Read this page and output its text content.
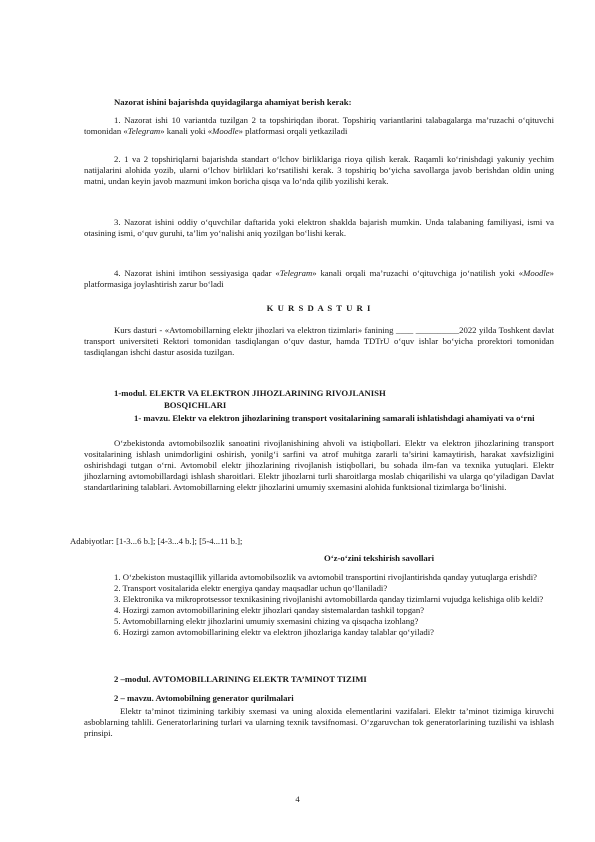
Nazorat ishini bajarishda quyidagilarga ahamiyat berish kerak:

1. Nazorat ishi 10 variantda tuzilgan 2 ta topshiriqdan iborat. Topshiriq variantlarini talabagalarga ma’ruzachi o‘qituvchi tomonidan «Telegram» kanali yoki «Moodle» platformasi orqali yetkaziladi

2. 1 va 2 topshiriqlarni bajarishda standart o‘lchov birliklariga rioya qilish kerak. Raqamli ko‘rinishdagi yakuniy yechim natijalarini alohida yozib, ularni o‘lchov birliklari ko‘rsatilishi kerak. 3 topshiriq bo‘yicha savollarga javob berishdan oldin uning matni, undan keyin javob mazmuni imkon boricha qisqa va lo‘nda qilib yozilishi kerak.

3. Nazorat ishini oddiy o‘quvchilar daftarida yoki elektron shaklda bajarish mumkin. Unda talabaning familiyasi, ismi va otasining ismi, o‘quv guruhi, ta’lim yo‘nalishi aniq yozilgan bo‘lishi kerak.

4. Nazorat ishini imtihon sessiyasiga qadar «Telegram» kanali orqali ma’ruzachi o‘qituvchiga jo‘natilish yoki «Moodle» platformasiga joylashtirish zarur bo‘ladi

K U R S D A S T U R I

Kurs dasturi - «Avtomobillarning elektr jihozlari va elektron tizimlari» fanining ____ __________2022 yilda Toshkent davlat transport universiteti Rektori tomonidan tasdiqlangan o‘quv dastur, hamda TDTrU o‘quv ishlar bo‘yicha prorektori tomonidan tasdiqlangan ishchi dastur asosida tuzilgan.

1-modul. ELEKTR VA ELEKTRON JIHOZLARINING RIVOJLANISH
BOSQICHLARI

1- mavzu. Elektr va elektron jihozlarining transport vositalarining samarali ishlatishdagi ahamiyati va o‘rni

O‘zbekistonda avtomobilsozlik sanoatini rivojlanishining ahvoli va istiqbollari. Elektr va elektron jihozlarining transport vositalarining ishlash unimdorligini oshirish, yonilg‘i sarfini va atrof muhitga zararli ta’sirini kamaytirish, harakat xavfsizligini oshirishdagi tutgan o‘rni. Avtomobil elektr jihozlarining rivojlanish istiqbollari, bu sohada ilm-fan va texnika yutuqlari. Elektr jihozlarning avtomobillardagi ishlash sharoitlari. Elektr jihozlarni turli sharoitlarga moslab chiqarilishi va ularga qo‘yiladigan Davlat standartlarining talablari. Avtomobillarning elektr jihozlarini umumiy sxemasini alohida funktsional tizimlarga bo‘linishi.

Adabiyotlar: [1-3...6 b.]; [4-3...4 b.]; [5-4...11 b.];
O‘z-o‘zini tekshirish savollari

1. O‘zbekiston mustaqillik yillarida avtomobilsozlik va avtomobil transportini rivojlantirishda qanday yutuqlarga erishdi?

2. Transport vositalarida elektr energiya qanday maqsadlar uchun qo‘llaniladi?

3. Elektronika va mikroprotsessor texnikasining rivojlanishi avtomobillarda qanday tizimlarni vujudga kelishiga olib keldi?

4. Hozirgi zamon avtomobillarining elektr jihozlari qanday sistemalardan tashkil topgan?

5. Avtomobillarning elektr jihozlarini umumiy sxemasini chizing va qisqacha izohlang?

6. Hozirgi zamon avtomobillarining elektr va elektron jihozlariga kanday talablar qo‘yiladi?

2 –modul. AVTOMOBILLARINING ELEKTR TA’MINOT TIZIMI
2 – mavzu. Avtomobilning generator qurilmalari

Elektr ta’minot tizimining tarkibiy sxemasi va uning aloxida elementlarini vazifalari. Elektr ta’minot tizimiga kiruvchi asboblarning tahlili. Generatorlarining turlari va ularning texnik tavsifnomasi. O‘zgaruvchan tok generatorlarining tuzilishi va ishlash prinsipi.

4
